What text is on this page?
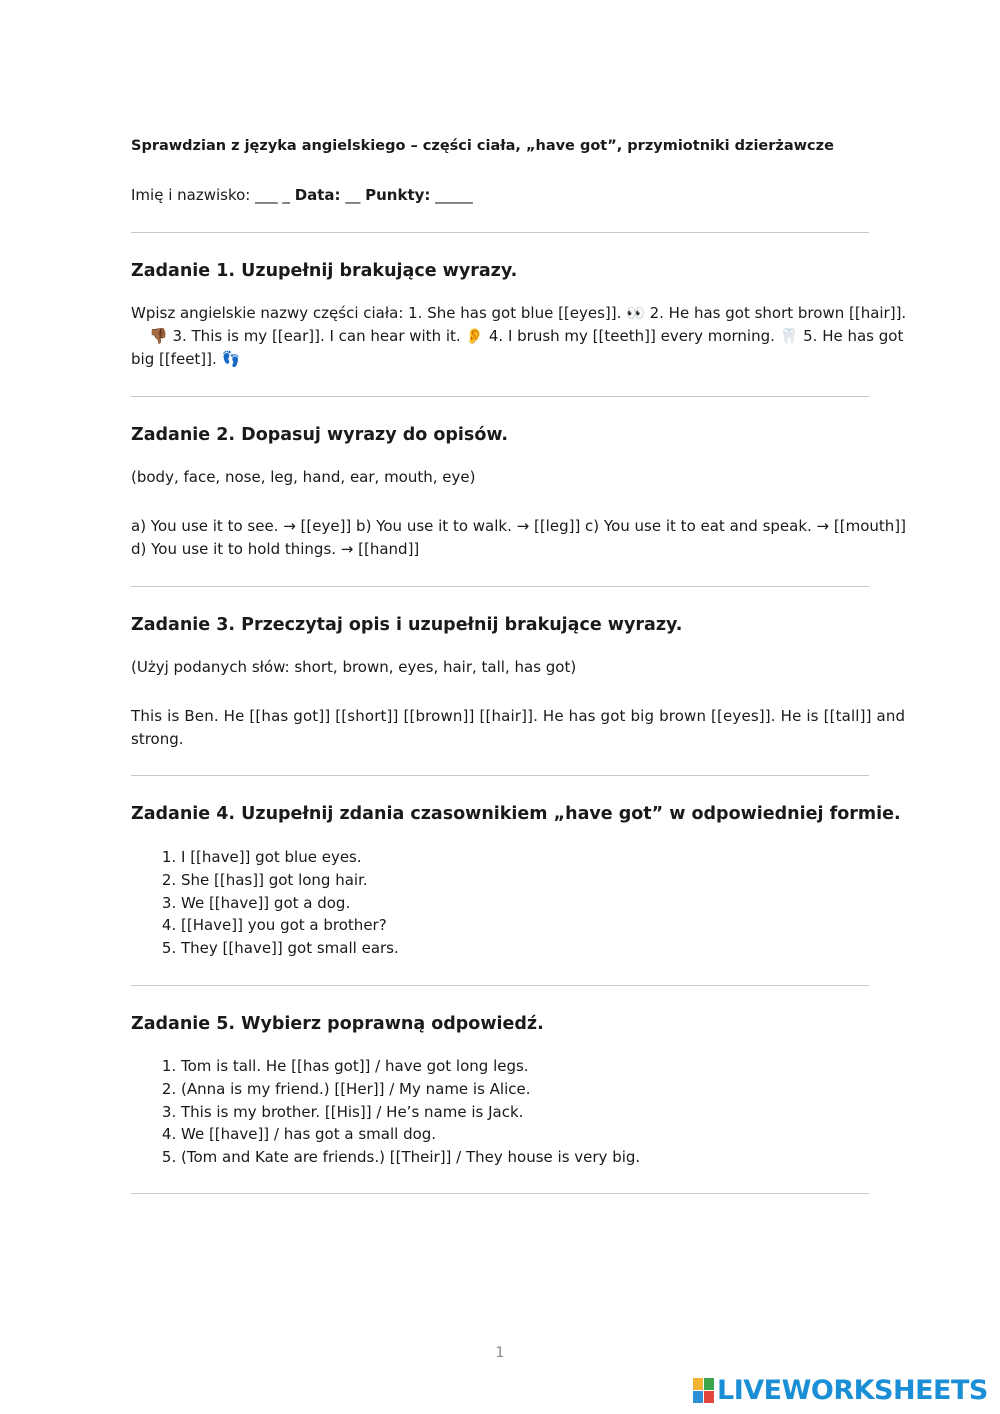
Sprawdzian z języka angielskiego – części ciała, „have got”, przymiotniki dzierżawcze
Imię i nazwisko: ___ _ Data: __ Punkty: _____
Zadanie 1. Uzupełnij brakujące wyrazy.
Wpisz angielskie nazwy części ciała: 1. She has got blue [[eyes]]. 👀 2. He has got short brown [[hair]].
👎🏾 3. This is my [[ear]]. I can hear with it. 👂 4. I brush my [[teeth]] every morning. 🦷 5. He has got
big [[feet]]. 👣
Zadanie 2. Dopasuj wyrazy do opisów.
(body, face, nose, leg, hand, ear, mouth, eye)
a) You use it to see. → [[eye]] b) You use it to walk. → [[leg]] c) You use it to eat and speak. → [[mouth]]
d) You use it to hold things. → [[hand]]
Zadanie 3. Przeczytaj opis i uzupełnij brakujące wyrazy.
(Użyj podanych słów: short, brown, eyes, hair, tall, has got)
This is Ben. He [[has got]] [[short]] [[brown]] [[hair]]. He has got big brown [[eyes]]. He is [[tall]] and
strong.
Zadanie 4. Uzupełnij zdania czasownikiem „have got” w odpowiedniej formie.
1. I [[have]] got blue eyes.
2. She [[has]] got long hair.
3. We [[have]] got a dog.
4. [[Have]] you got a brother?
5. They [[have]] got small ears.
Zadanie 5. Wybierz poprawną odpowiedź.
1. Tom is tall. He [[has got]] / have got long legs.
2. (Anna is my friend.) [[Her]] / My name is Alice.
3. This is my brother. [[His]] / He’s name is Jack.
4. We [[have]] / has got a small dog.
5. (Tom and Kate are friends.) [[Their]] / They house is very big.
1
LIVEWORKSHEETS
